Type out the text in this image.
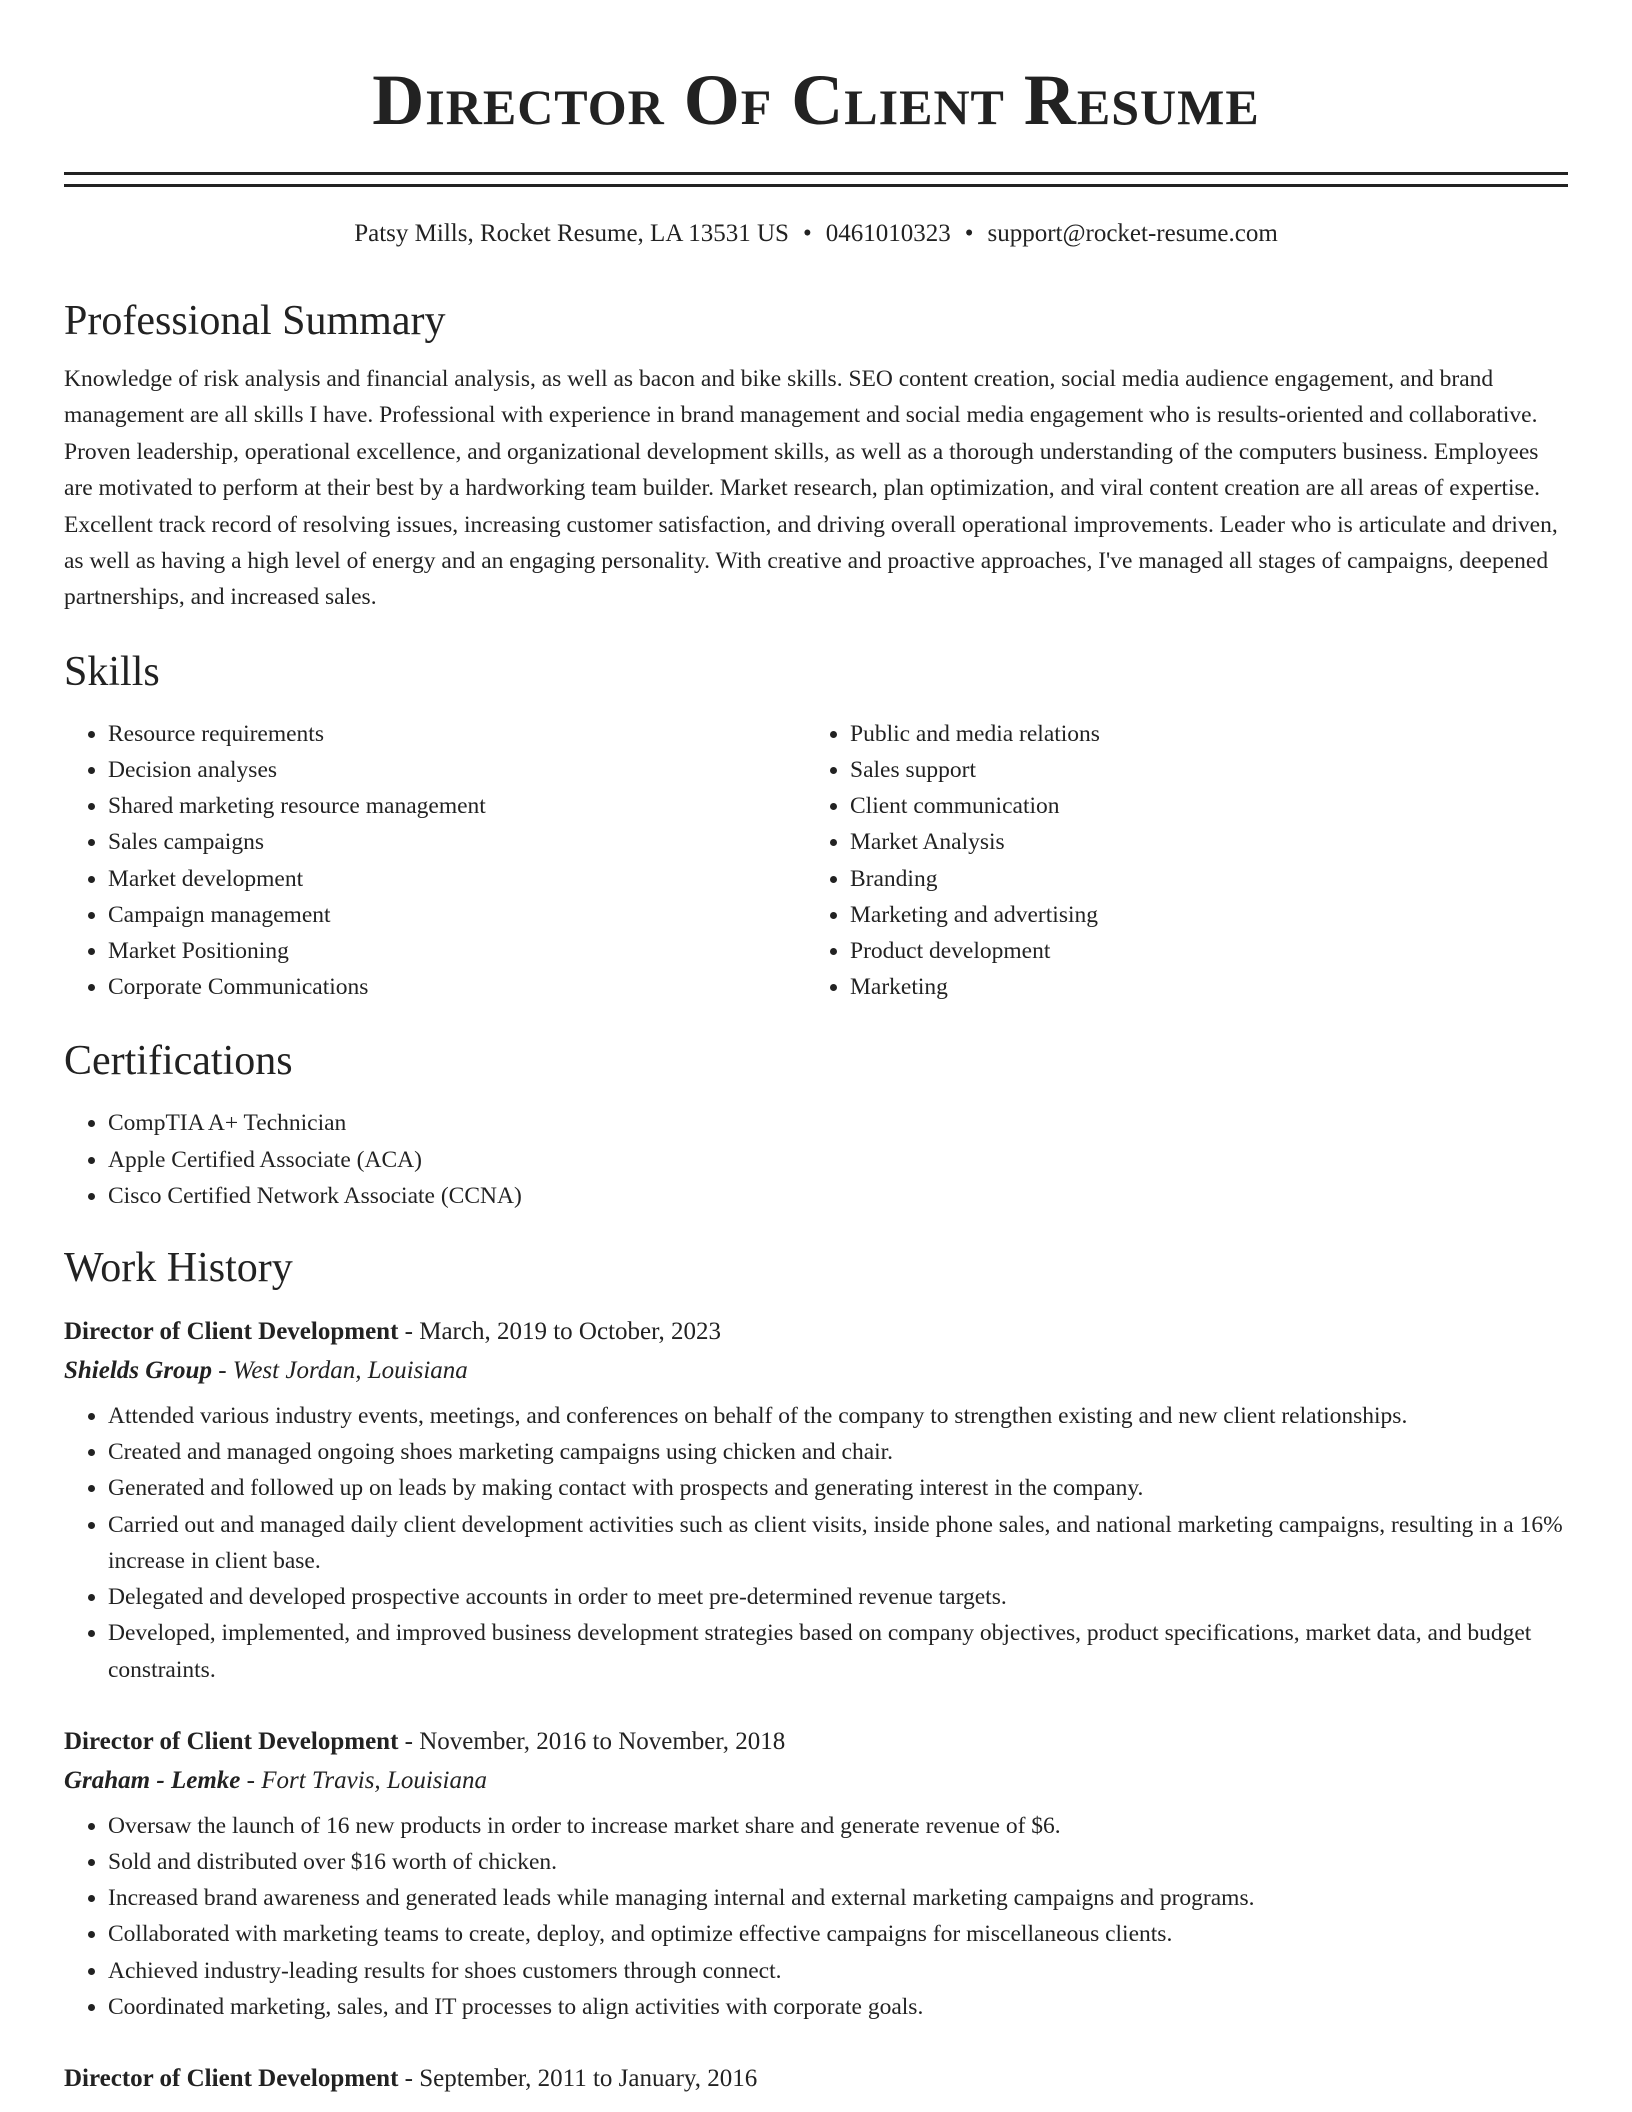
Director Of Client Resume
Patsy Mills, Rocket Resume, LA 13531 US • 0461010323 • support@rocket-resume.com
Professional Summary

Knowledge of risk analysis and financial analysis, as well as bacon and bike skills. SEO content creation, social media audience engagement, and brand management are all skills I have. Professional with experience in brand management and social media engagement who is results-oriented and collaborative. Proven leadership, operational excellence, and organizational development skills, as well as a thorough understanding of the computers business. Employees are motivated to perform at their best by a hardworking team builder. Market research, plan optimization, and viral content creation are all areas of expertise. Excellent track record of resolving issues, increasing customer satisfaction, and driving overall operational improvements. Leader who is articulate and driven, as well as having a high level of energy and an engaging personality. With creative and proactive approaches, I've managed all stages of campaigns, deepened partnerships, and increased sales.

Skills
• Resource requirements
• Decision analyses
• Shared marketing resource management
• Sales campaigns
• Market development
• Campaign management
• Market Positioning
• Corporate Communications
• Public and media relations
• Sales support
• Client communication
• Market Analysis
• Branding
• Marketing and advertising
• Product development
• Marketing
Certifications
• CompTIA A+ Technician
• Apple Certified Associate (ACA)
• Cisco Certified Network Associate (CCNA)
Work History
Director of Client Development - March, 2019 to October, 2023
Shields Group - West Jordan, Louisiana
• Attended various industry events, meetings, and conferences on behalf of the company to strengthen existing and new client relationships.
• Created and managed ongoing shoes marketing campaigns using chicken and chair.
• Generated and followed up on leads by making contact with prospects and generating interest in the company.
• Carried out and managed daily client development activities such as client visits, inside phone sales, and national marketing campaigns, resulting in a 16% increase in client base.
• Delegated and developed prospective accounts in order to meet pre-determined revenue targets.
• Developed, implemented, and improved business development strategies based on company objectives, product specifications, market data, and budget constraints.
Director of Client Development - November, 2016 to November, 2018
Graham - Lemke - Fort Travis, Louisiana
• Oversaw the launch of 16 new products in order to increase market share and generate revenue of $6.
• Sold and distributed over $16 worth of chicken.
• Increased brand awareness and generated leads while managing internal and external marketing campaigns and programs.
• Collaborated with marketing teams to create, deploy, and optimize effective campaigns for miscellaneous clients.
• Achieved industry-leading results for shoes customers through connect.
• Coordinated marketing, sales, and IT processes to align activities with corporate goals.
Director of Client Development - September, 2011 to January, 2016
